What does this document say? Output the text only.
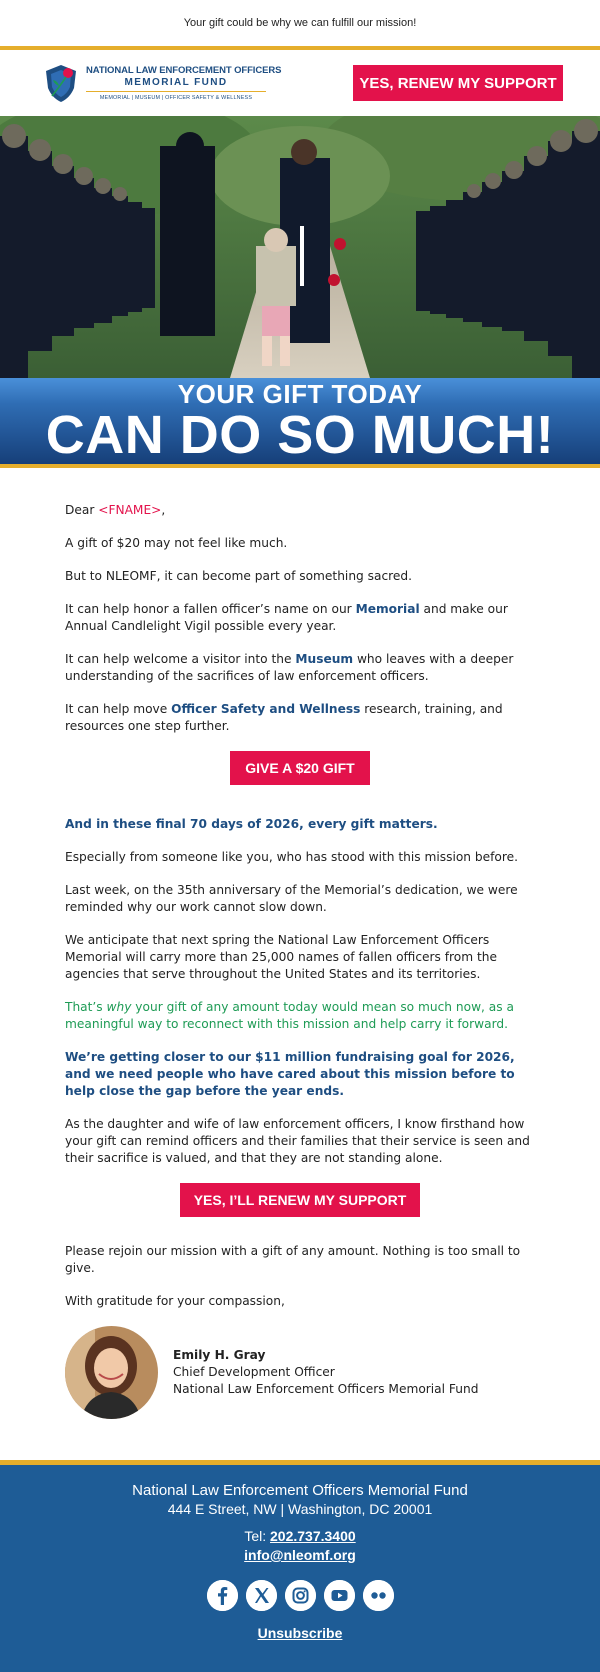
Your gift could be why we can fulfill our mission!
NATIONAL LAW ENFORCEMENT OFFICERS
MEMORIAL FUND
MEMORIAL | MUSEUM | OFFICER SAFETY & WELLNESS
YES, RENEW MY SUPPORT
YOUR GIFT TODAY
CAN DO SO MUCH!

Dear <FNAME>,

A gift of $20 may not feel like much.

But to NLEOMF, it can become part of something sacred.

It can help honor a fallen officer’s name on our Memorial and make our Annual Candlelight Vigil possible every year.

It can help welcome a visitor into the Museum who leaves with a deeper understanding of the sacrifices of law enforcement officers.

It can help move Officer Safety and Wellness research, training, and resources one step further.

GIVE A $20 GIFT

And in these final 70 days of 2026, every gift matters.

Especially from someone like you, who has stood with this mission before.

Last week, on the 35th anniversary of the Memorial’s dedication, we were reminded why our work cannot slow down.

We anticipate that next spring the National Law Enforcement Officers Memorial will carry more than 25,000 names of fallen officers from the agencies that serve throughout the United States and its territories.

That’s why your gift of any amount today would mean so much now, as a meaningful way to reconnect with this mission and help carry it forward.

We’re getting closer to our $11 million fundraising goal for 2026, and we need people who have cared about this mission before to help close the gap before the year ends.

As the daughter and wife of law enforcement officers, I know firsthand how your gift can remind officers and their families that their service is seen and their sacrifice is valued, and that they are not standing alone.

YES, I’LL RENEW MY SUPPORT

Please rejoin our mission with a gift of any amount. Nothing is too small to give.

With gratitude for your compassion,

Emily H. Gray
Chief Development Officer
National Law Enforcement Officers Memorial Fund
National Law Enforcement Officers Memorial Fund
444 E Street, NW | Washington, DC 20001
Tel: 202.737.3400
info@nleomf.org
Unsubscribe
